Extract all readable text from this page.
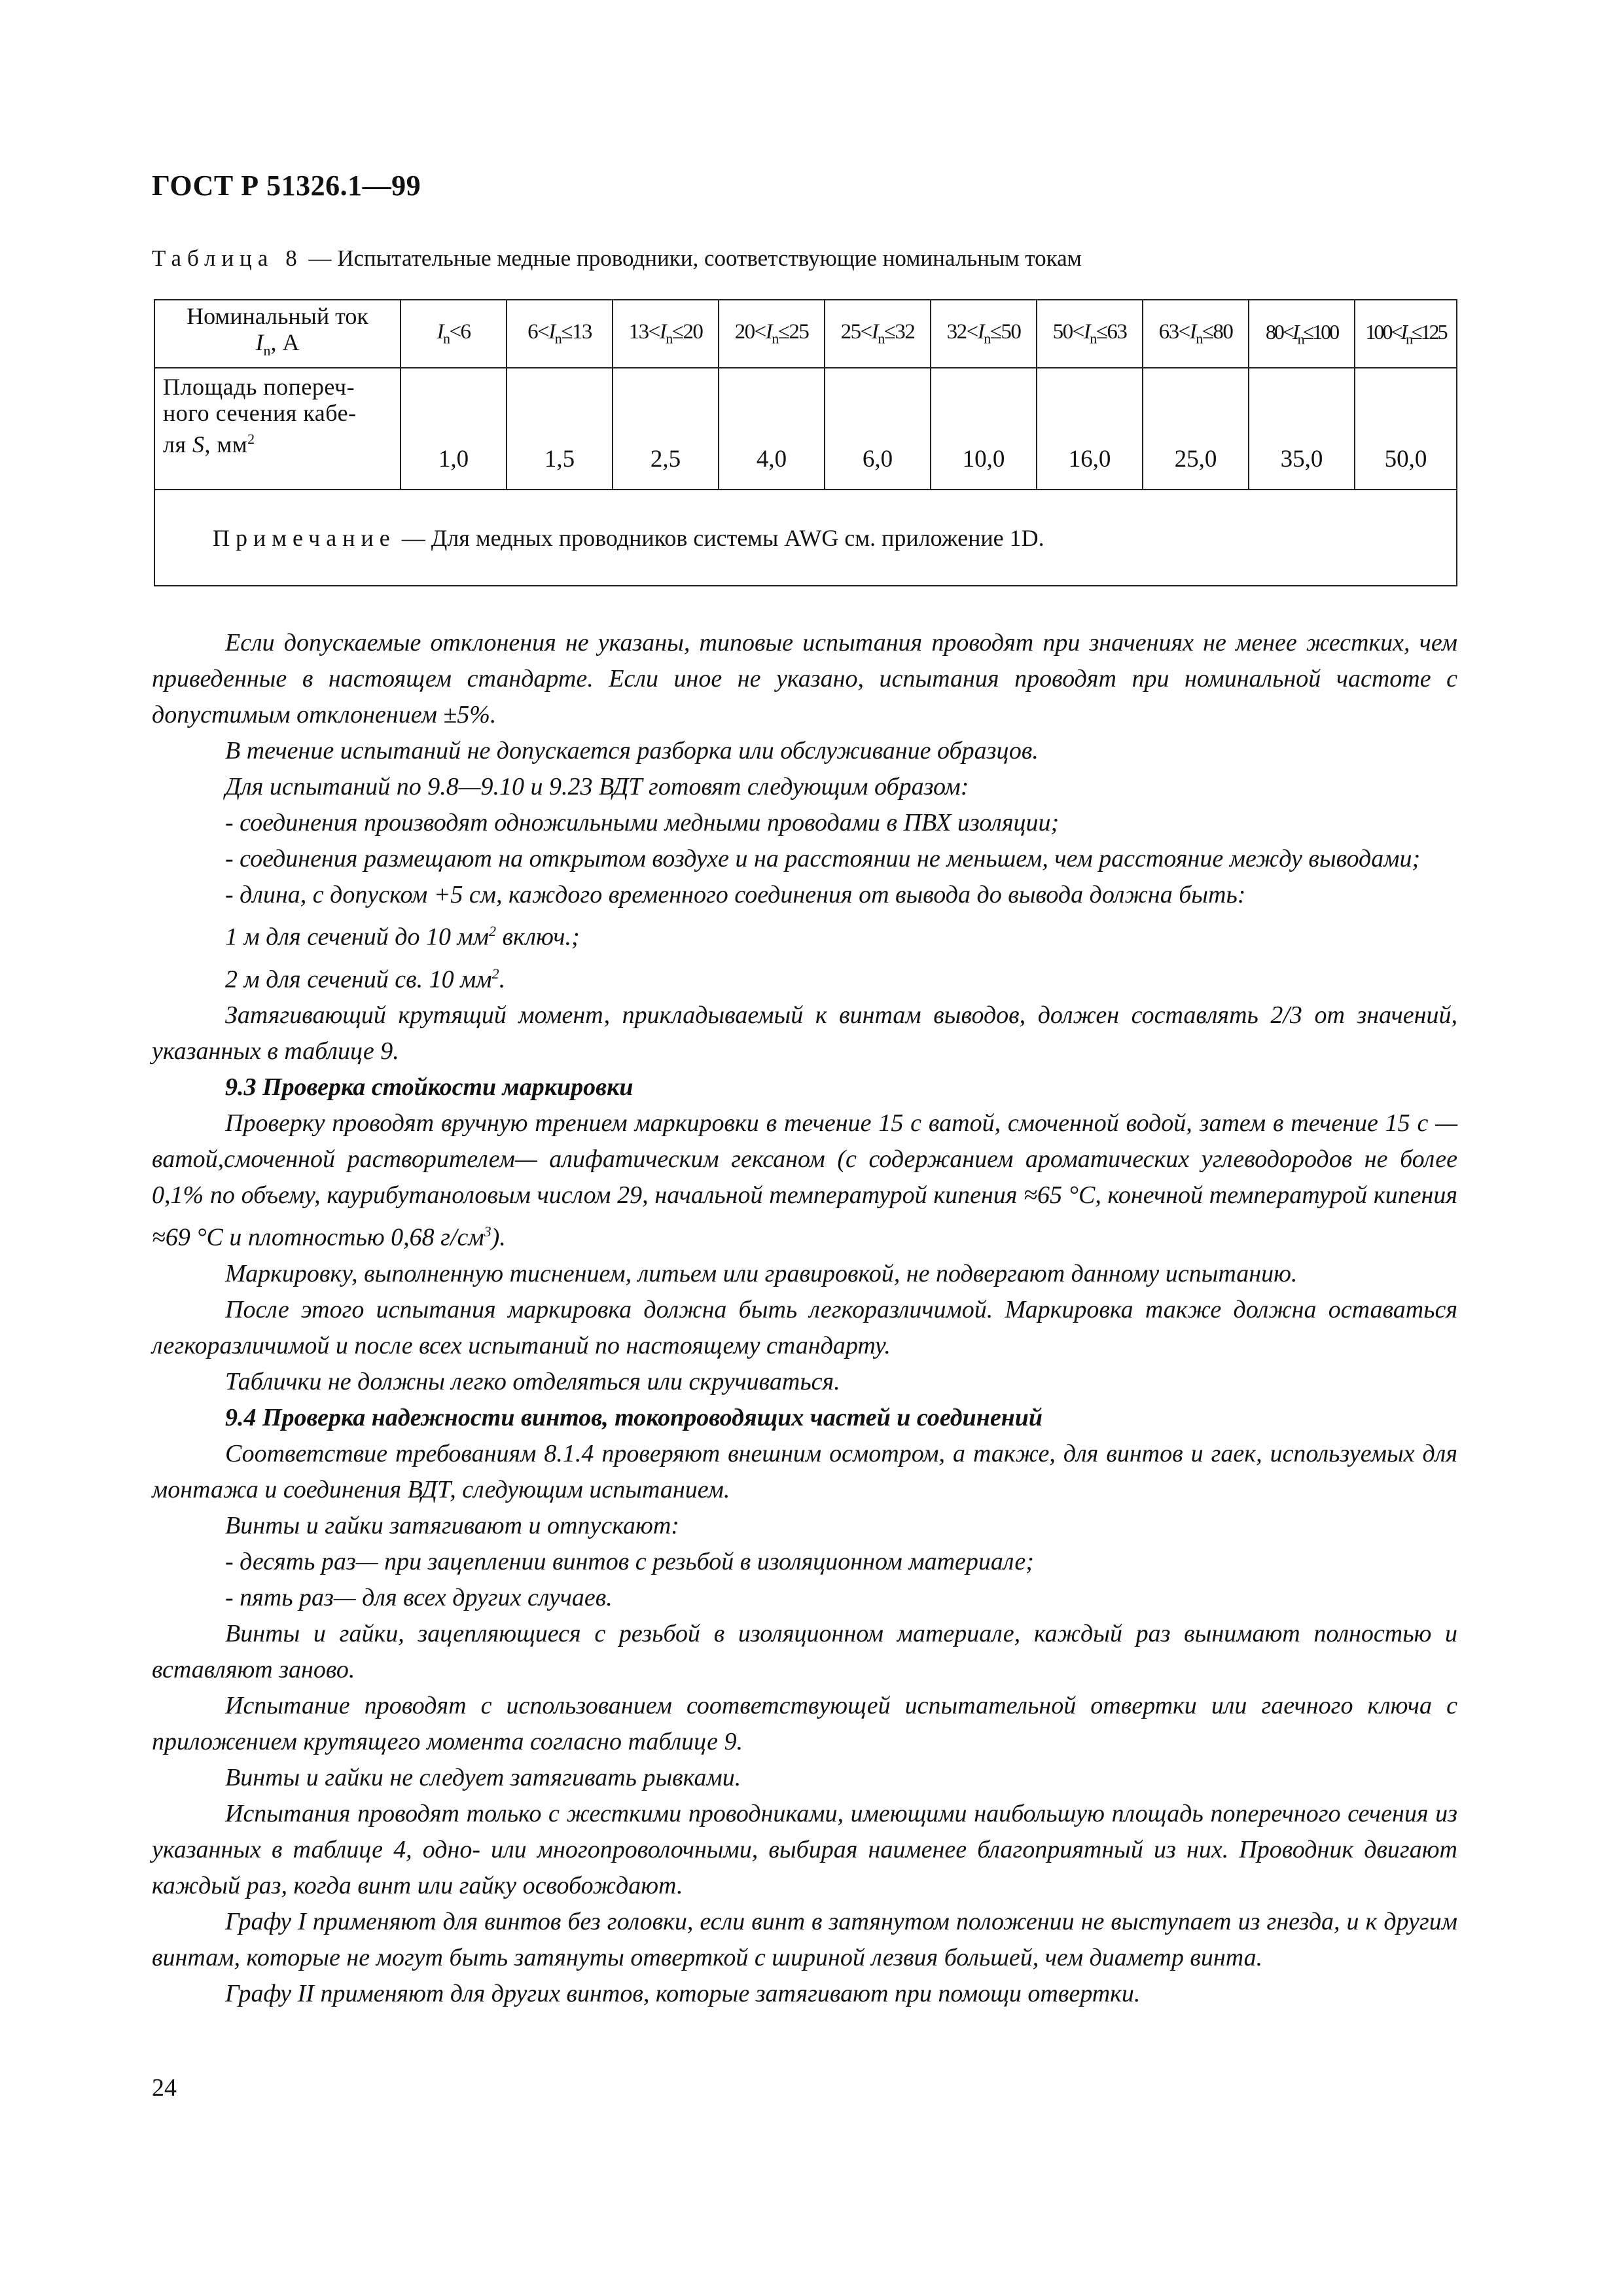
ГОСТ Р 51326.1—99
Таблица 8 — Испытательные медные проводники, соответствующие номинальным токам
Номинальный ток
$I_n$, А	$I_n<6$	$6<I_n\le 13$	$13<I_n\le 20$	$20<I_n\le 25$	$25<I_n\le 32$	$32<I_n\le 50$	$50<I_n\le 63$	$63<I_n\le 80$	$80<I_n\le 100$	$100<I_n\le 125$

Площадь попереч-
ного сечения кабе-
ля S, $мм^2$	1,0	1,5	2,5	4,0	6,0	10,0	16,0	25,0	35,0	50,0
Примечание — Для медных проводников системы AWG см. приложение 1D.										

Если допускаемые отклонения не указаны, типовые испытания проводят при значениях не менее жестких, чем приведенные в настоящем стандарте. Если иное не указано, испытания проводят при номинальной частоте с допустимым отклонением ±5%.

В течение испытаний не допускается разборка или обслуживание образцов.

Для испытаний по 9.8—9.10 и 9.23 ВДТ готовят следующим образом:

- соединения производят одножильными медными проводами в ПВХ изоляции;

- соединения размещают на открытом воздухе и на расстоянии не меньшем, чем расстояние между выводами;

- длина, с допуском +5 см, каждого временного соединения от вывода до вывода должна быть:

1 м для сечений до 10 $мм^2$ включ.;

2 м для сечений св. 10 $мм^2$.

Затягивающий крутящий момент, прикладываемый к винтам выводов, должен составлять 2/3 от значений, указанных в таблице 9.

9.3 Проверка стойкости маркировки

Проверку проводят вручную трением маркировки в течение 15 с ватой, смоченной водой, затем в течение 15 с — ватой,смоченной растворителем— алифатическим гексаном (с содержанием ароматических углеводородов не более 0,1% по объему, каурибутаноловым числом 29, начальной температурой кипения ≈65 °С, конечной температурой кипения ≈69 °С и плотностью 0,68 $г/см^3$).

Маркировку, выполненную тиснением, литьем или гравировкой, не подвергают данному испытанию.

После этого испытания маркировка должна быть легкоразличимой. Маркировка также должна оставаться легкоразличимой и после всех испытаний по настоящему стандарту.

Таблички не должны легко отделяться или скручиваться.

9.4 Проверка надежности винтов, токопроводящих частей и соединений

Соответствие требованиям 8.1.4 проверяют внешним осмотром, а также, для винтов и гаек, используемых для монтажа и соединения ВДТ, следующим испытанием.

Винты и гайки затягивают и отпускают:

- десять раз— при зацеплении винтов с резьбой в изоляционном материале;

- пять раз— для всех других случаев.

Винты и гайки, зацепляющиеся с резьбой в изоляционном материале, каждый раз вынимают полностью и вставляют заново.

Испытание проводят с использованием соответствующей испытательной отвертки или гаечного ключа с приложением крутящего момента согласно таблице 9.

Винты и гайки не следует затягивать рывками.

Испытания проводят только с жесткими проводниками, имеющими наибольшую площадь поперечного сечения из указанных в таблице 4, одно- или многопроволочными, выбирая наименее благоприятный из них. Проводник двигают каждый раз, когда винт или гайку освобождают.

Графу I применяют для винтов без головки, если винт в затянутом положении не выступает из гнезда, и к другим винтам, которые не могут быть затянуты отверткой с шириной лезвия большей, чем диаметр винта.

Графу II применяют для других винтов, которые затягивают при помощи отвертки.

24
